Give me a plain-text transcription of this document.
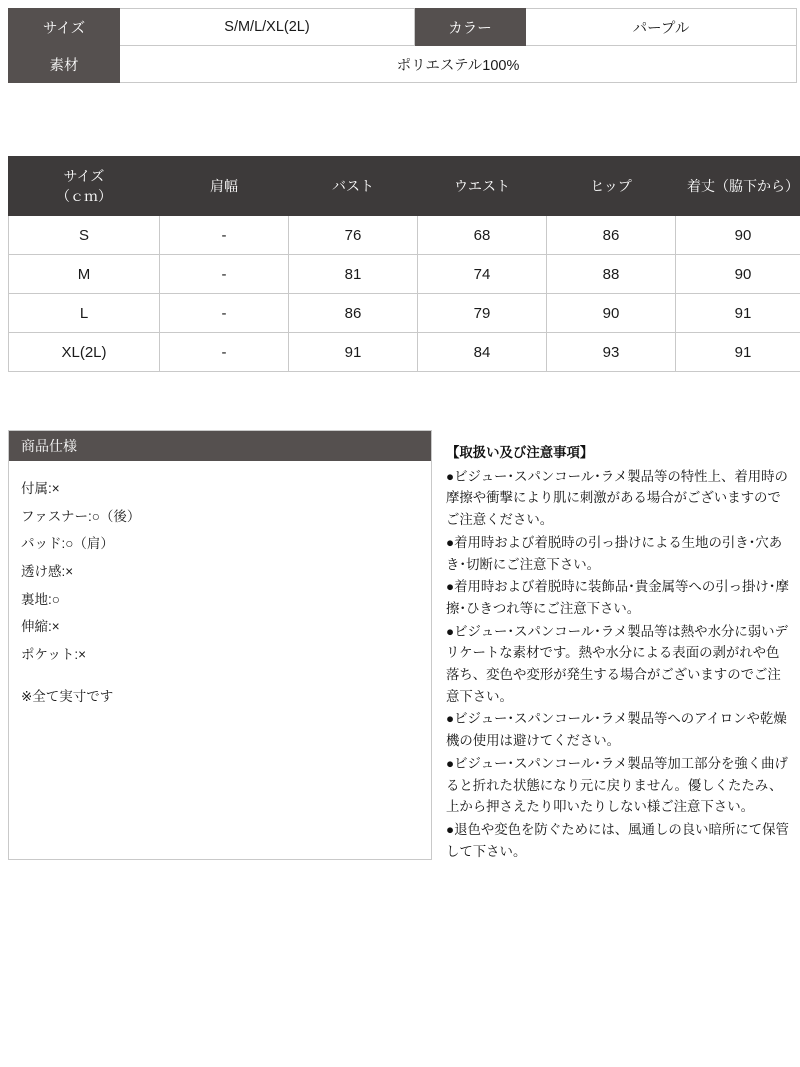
サイズ	S/M/L/XL(2L)	カラー	パープル
素材	ポリエステル100%		
サイズ
（ｃｍ）	肩幅	バスト	ウエスト	ヒップ	着丈（脇下から）
S	-	76	68	86	90
M	-	81	74	88	90
L	-	86	79	90	91
XL(2L)	-	91	84	93	91
商品仕様
付属:×
ファスナー:○（後）
パッド:○（肩）
透け感:×
裏地:○
伸縮:×
ポケット:×
※全て実寸です
【取扱い及び注意事項】

●ビジュー･スパンコール･ラメ製品等の特性上、着用時の摩擦や衝撃により肌に刺激がある場合がございますのでご注意ください。

●着用時および着脱時の引っ掛けによる生地の引き･穴あき･切断にご注意下さい。

●着用時および着脱時に装飾品･貴金属等への引っ掛け･摩擦･ひきつれ等にご注意下さい。

●ビジュー･スパンコール･ラメ製品等は熱や水分に弱いデリケートな素材です。熱や水分による表面の剥がれや色落ち、変色や変形が発生する場合がございますのでご注意下さい。

●ビジュー･スパンコール･ラメ製品等へのアイロンや乾燥機の使用は避けてください。

●ビジュー･スパンコール･ラメ製品等加工部分を強く曲げると折れた状態になり元に戻りません。優しくたたみ、上から押さえたり叩いたりしない様ご注意下さい。

●退色や変色を防ぐためには、風通しの良い暗所にて保管して下さい。
